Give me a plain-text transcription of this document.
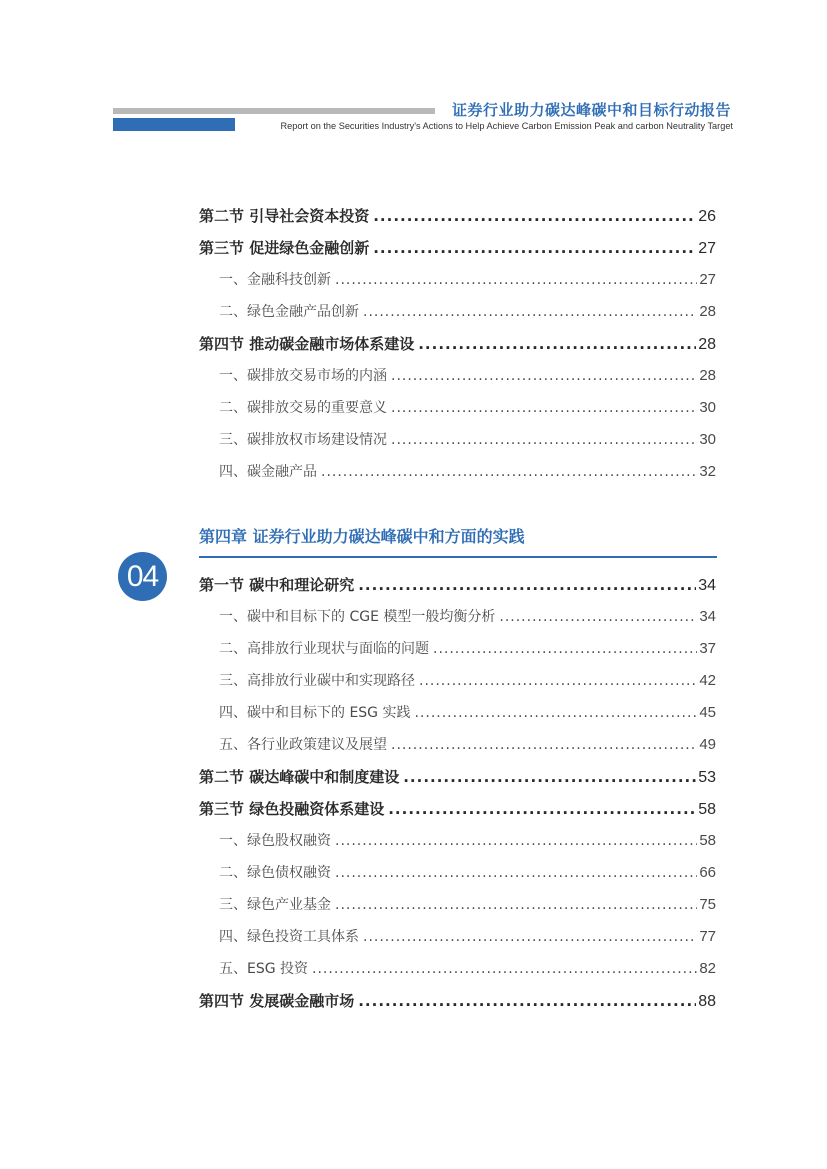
证券行业助力碳达峰碳中和目标行动报告
Report on the Securities Industry's Actions to Help Achieve Carbon Emission Peak and carbon Neutrality Target
第二节 引导社会资本投资 .....	26
第三节 促进绿色金融创新 .....	27
一、金融科技创新 .....	27
二、绿色金融产品创新 .....	28
第四节 推动碳金融市场体系建设 .....	28
一、碳排放交易市场的内涵 .....	28
二、碳排放交易的重要意义 .....	30
三、碳排放权市场建设情况 .....	30
四、碳金融产品 .....	32
第四章 证券行业助力碳达峰碳中和方面的实践
04	第一节 碳中和理论研究 .....	34
一、碳中和目标下的 CGE 模型一般均衡分析 .....	34
二、高排放行业现状与面临的问题 .....	37
三、高排放行业碳中和实现路径 .....	42
四、碳中和目标下的 ESG 实践 .....	45
五、各行业政策建议及展望 .....	49
第二节 碳达峰碳中和制度建设 .....	53
第三节 绿色投融资体系建设 .....	58
一、绿色股权融资 .....	58
二、绿色债权融资 .....	66
三、绿色产业基金 .....	75
四、绿色投资工具体系 .....	77
五、ESG 投资 .....	82
第四节 发展碳金融市场 .....	88
